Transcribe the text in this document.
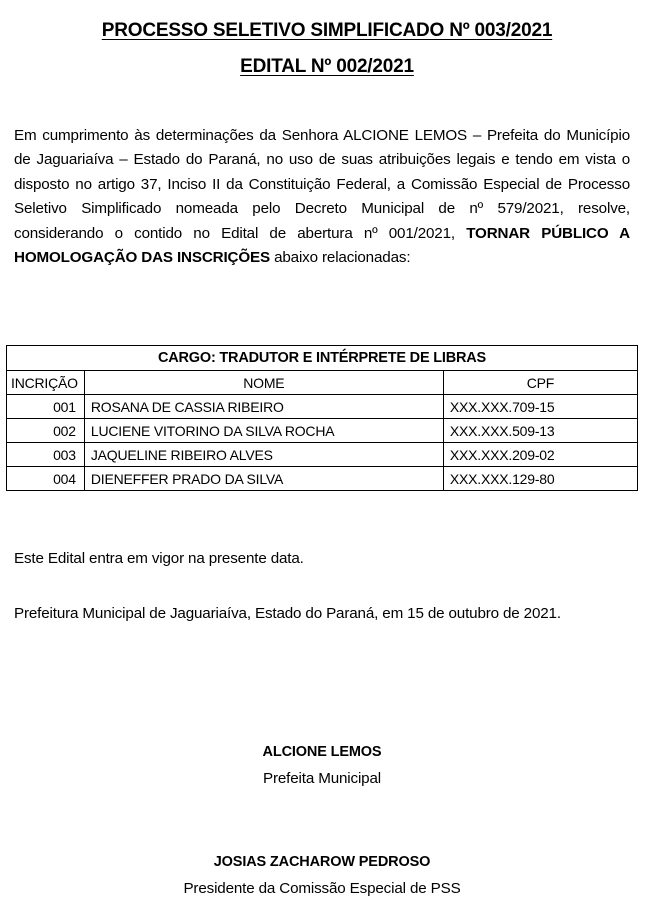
PROCESSO SELETIVO SIMPLIFICADO Nº 003/2021
EDITAL Nº 002/2021
Em cumprimento às determinações da Senhora ALCIONE LEMOS – Prefeita do Município de Jaguariaíva – Estado do Paraná, no uso de suas atribuições legais e tendo em vista o disposto no artigo 37, Inciso II da Constituição Federal, a Comissão Especial de Processo Seletivo Simplificado nomeada pelo Decreto Municipal de nº 579/2021, resolve, considerando o contido no Edital de abertura nº 001/2021, TORNAR PÚBLICO A HOMOLOGAÇÃO DAS INSCRIÇÕES abaixo relacionadas:
CARGO: TRADUTOR E INTÉRPRETE DE LIBRAS		
INCRIÇÃO	NOME	CPF
001	ROSANA DE CASSIA RIBEIRO	XXX.XXX.709-15
002	LUCIENE VITORINO DA SILVA ROCHA	XXX.XXX.509-13
003	JAQUELINE RIBEIRO ALVES	XXX.XXX.209-02
004	DIENEFFER PRADO DA SILVA	XXX.XXX.129-80
Este Edital entra em vigor na presente data.
Prefeitura Municipal de Jaguariaíva, Estado do Paraná, em 15 de outubro de 2021.
ALCIONE LEMOS
Prefeita Municipal
JOSIAS ZACHAROW PEDROSO
Presidente da Comissão Especial de PSS
